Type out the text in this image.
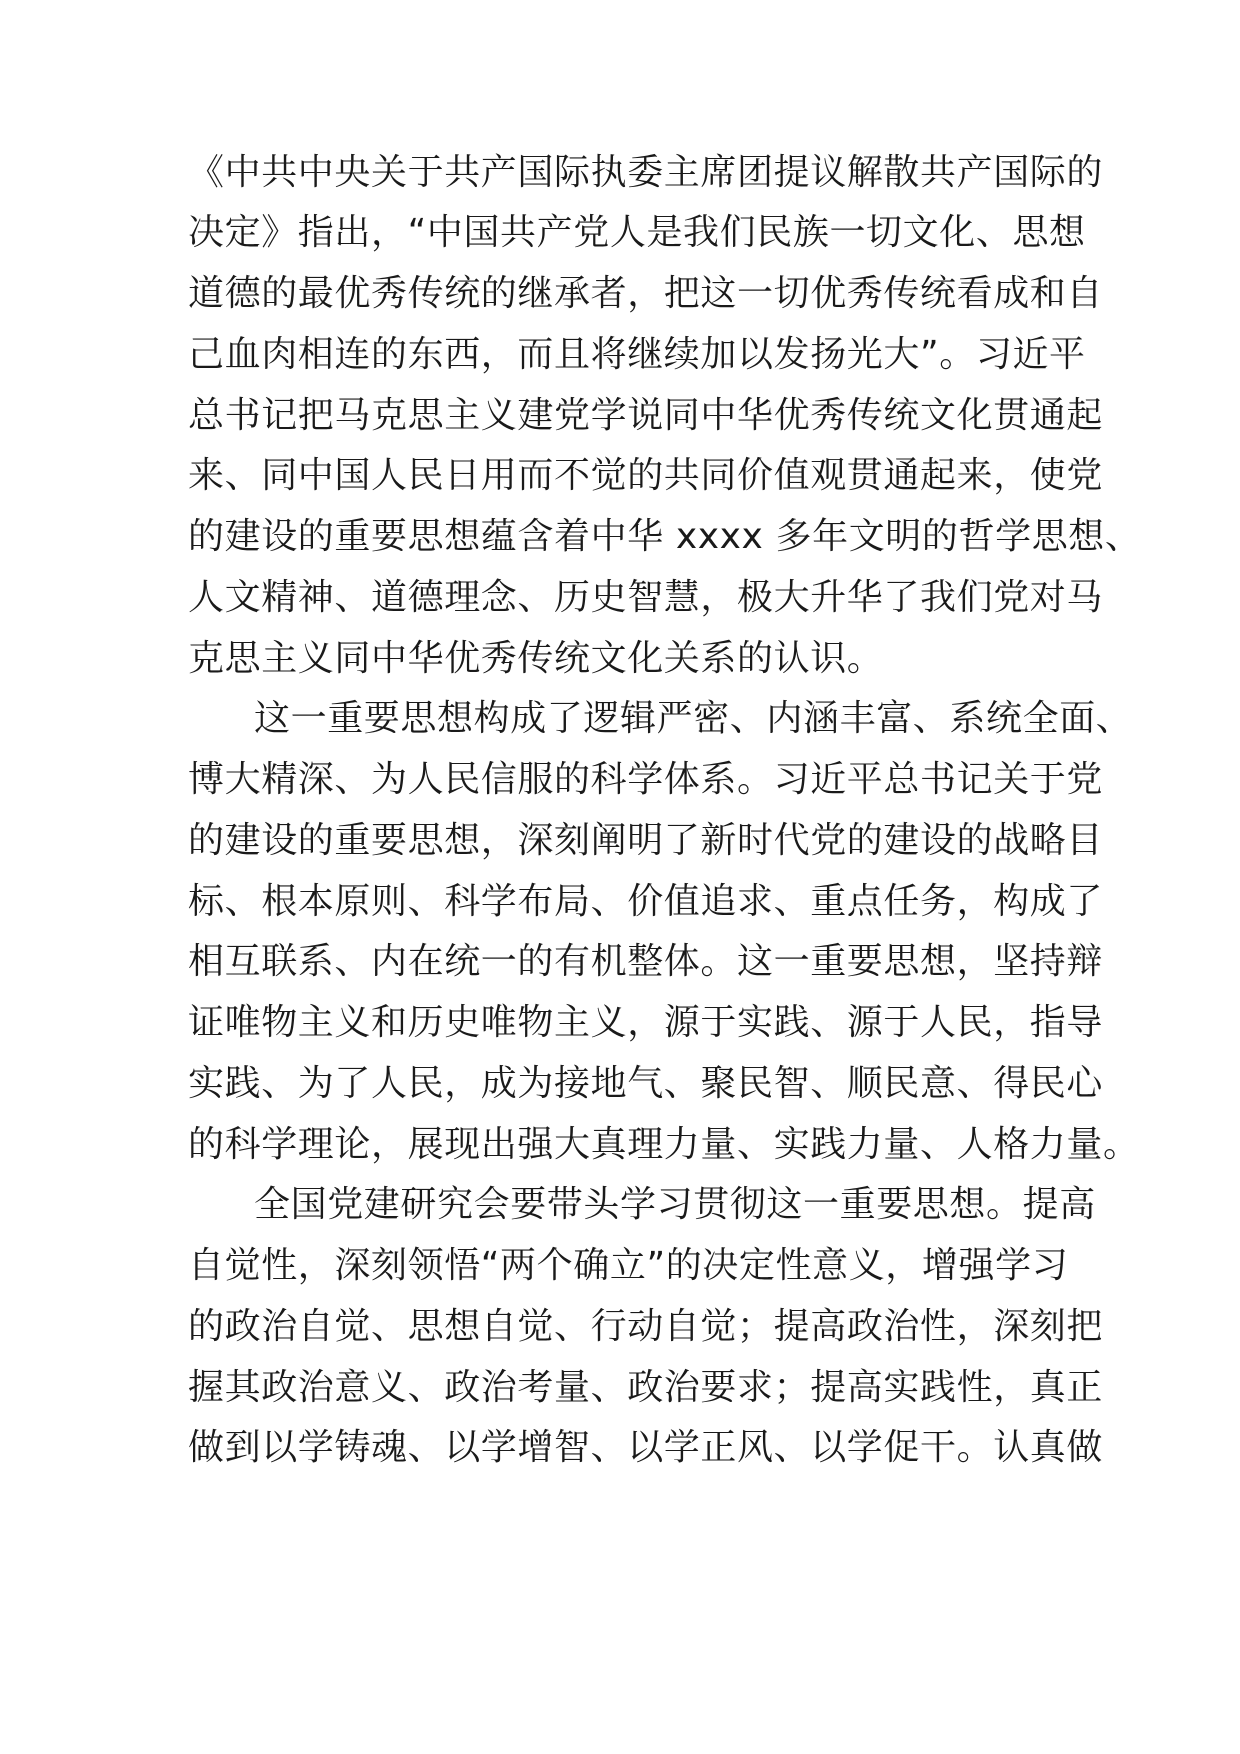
《中共中央关于共产国际执委主席团提议解散共产国际的
决定》指出，“中国共产党人是我们民族一切文化、思想
道德的最优秀传统的继承者，把这一切优秀传统看成和自
己血肉相连的东西，而且将继续加以发扬光大”。习近平
总书记把马克思主义建党学说同中华优秀传统文化贯通起
来、同中国人民日用而不觉的共同价值观贯通起来，使党
的建设的重要思想蕴含着中华 xxxx 多年文明的哲学思想、
人文精神、道德理念、历史智慧，极大升华了我们党对马
克思主义同中华优秀传统文化关系的认识。
这一重要思想构成了逻辑严密、内涵丰富、系统全面、
博大精深、为人民信服的科学体系。习近平总书记关于党
的建设的重要思想，深刻阐明了新时代党的建设的战略目
标、根本原则、科学布局、价值追求、重点任务，构成了
相互联系、内在统一的有机整体。这一重要思想，坚持辩
证唯物主义和历史唯物主义，源于实践、源于人民，指导
实践、为了人民，成为接地气、聚民智、顺民意、得民心
的科学理论，展现出强大真理力量、实践力量、人格力量。
全国党建研究会要带头学习贯彻这一重要思想。提高
自觉性，深刻领悟“两个确立”的决定性意义，增强学习
的政治自觉、思想自觉、行动自觉；提高政治性，深刻把
握其政治意义、政治考量、政治要求；提高实践性，真正
做到以学铸魂、以学增智、以学正风、以学促干。认真做
